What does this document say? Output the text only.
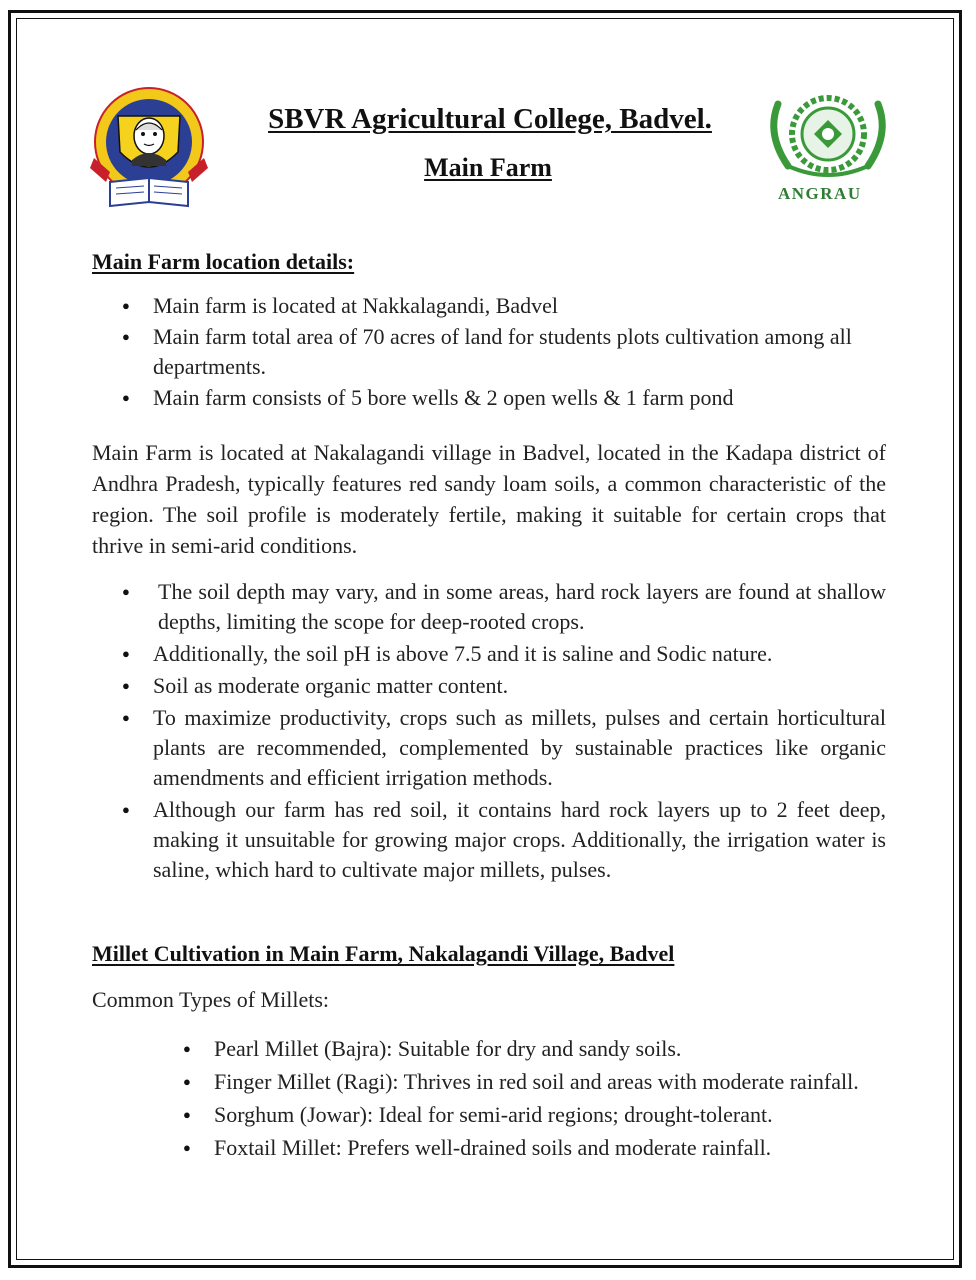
ANGRAU
SBVR Agricultural College, Badvel.
Main Farm
Main Farm location details:
● Main farm is located at Nakkalagandi, Badvel
● Main farm total area of 70 acres of land for students plots cultivation among all departments.
● Main farm consists of 5 bore wells & 2 open wells & 1 farm pond
Main Farm is located at Nakalagandi village in Badvel, located in the Kadapa district of Andhra Pradesh, typically features red sandy loam soils, a common characteristic of the region. The soil profile is moderately fertile, making it suitable for certain crops that thrive in semi-arid conditions.
● The soil depth may vary, and in some areas, hard rock layers are found at shallow depths, limiting the scope for deep-rooted crops.
● Additionally, the soil pH is above 7.5 and it is saline and Sodic nature.
● Soil as moderate organic matter content.
● To maximize productivity, crops such as millets, pulses and certain horticultural plants are recommended, complemented by sustainable practices like organic amendments and efficient irrigation methods.
● Although our farm has red soil, it contains hard rock layers up to 2 feet deep, making it unsuitable for growing major crops. Additionally, the irrigation water is saline, which hard to cultivate major millets, pulses.
Millet Cultivation in Main Farm, Nakalagandi Village, Badvel
Common Types of Millets:
● Pearl Millet (Bajra): Suitable for dry and sandy soils.
● Finger Millet (Ragi): Thrives in red soil and areas with moderate rainfall.
● Sorghum (Jowar): Ideal for semi-arid regions; drought-tolerant.
● Foxtail Millet: Prefers well-drained soils and moderate rainfall.
